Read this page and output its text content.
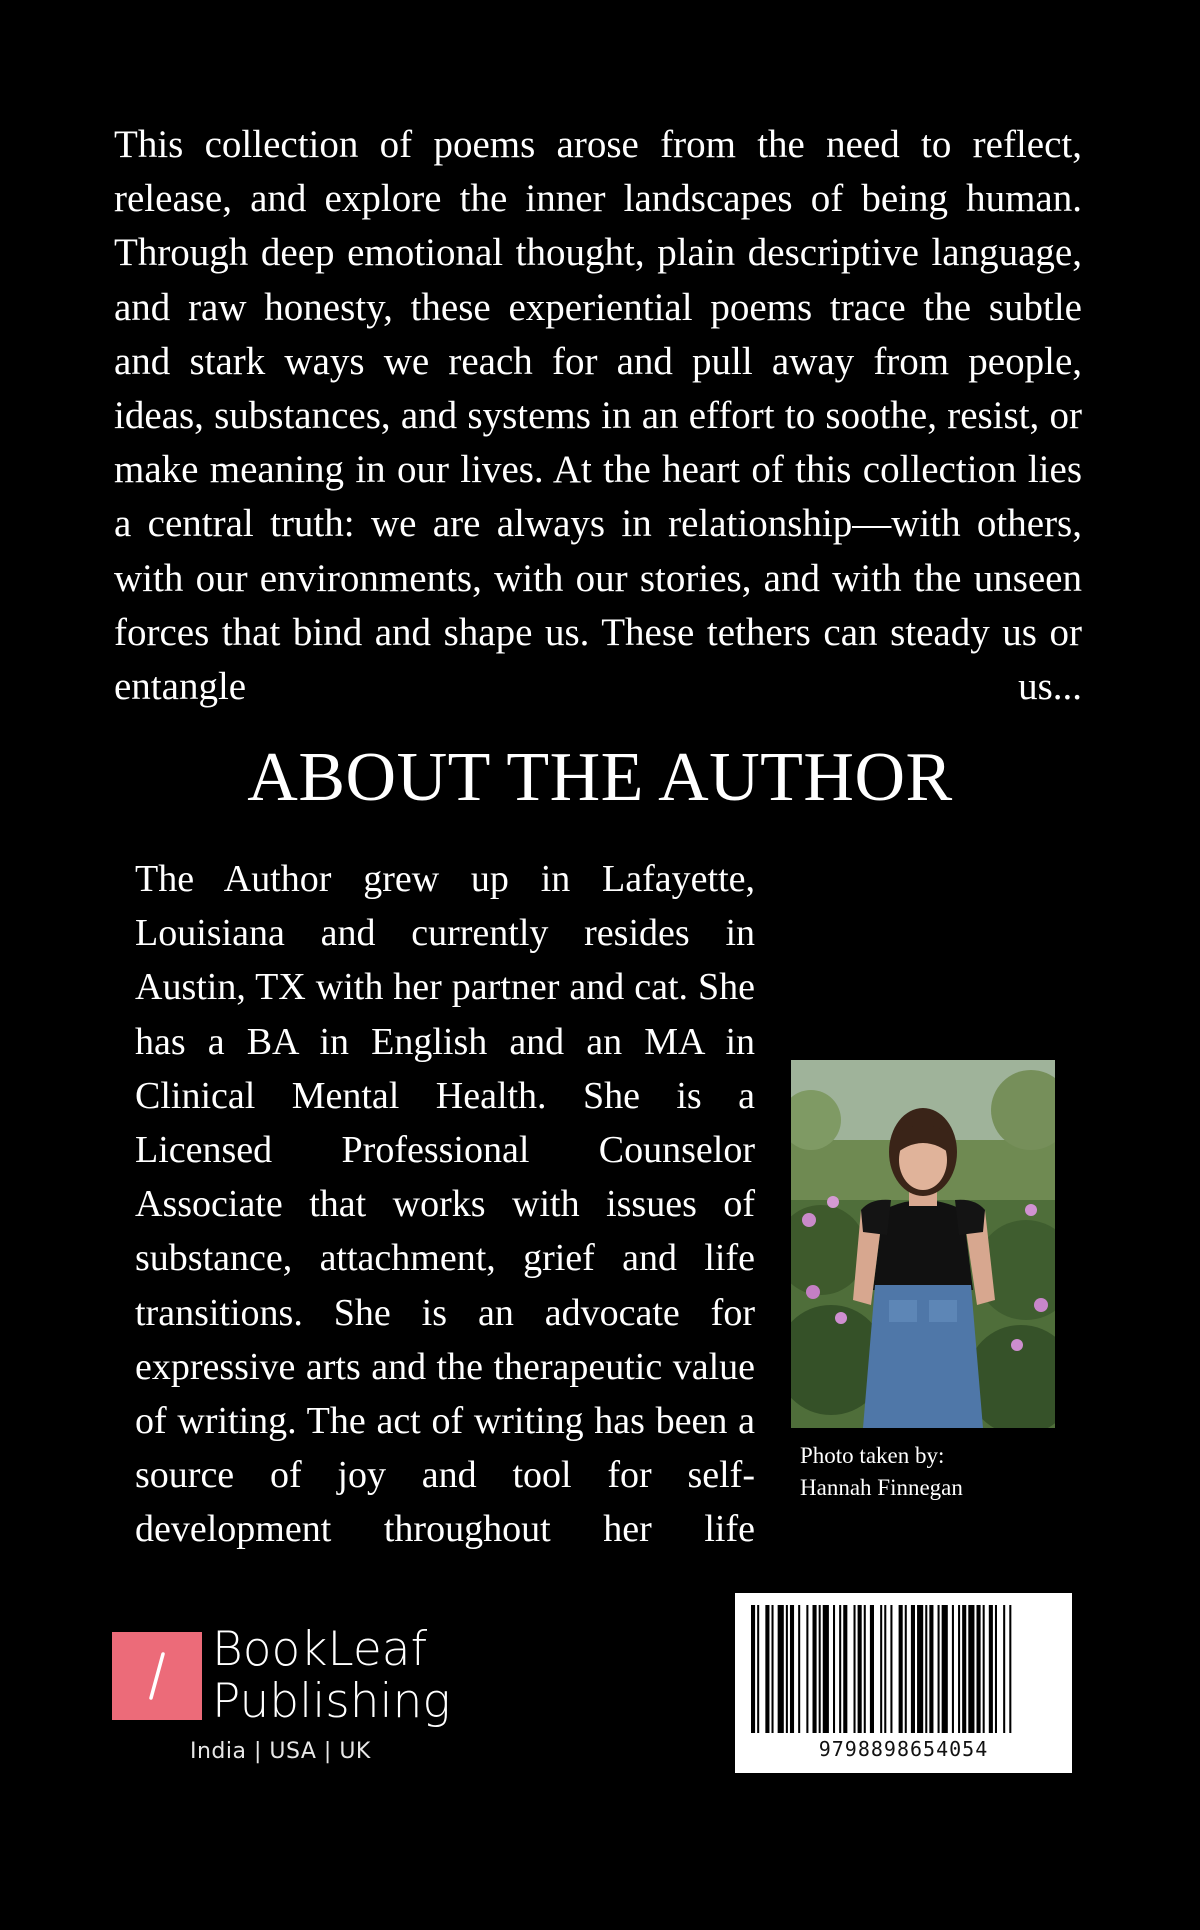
This collection of poems arose from the need to reflect, release, and explore the inner landscapes of being human. Through deep emotional thought, plain descriptive language, and raw honesty, these experiential poems trace the subtle and stark ways we reach for and pull away from people, ideas, substances, and systems in an effort to soothe, resist, or make meaning in our lives. At the heart of this collection lies a central truth: we are always in relationship—with others, with our environments, with our stories, and with the unseen forces that bind and shape us. These tethers can steady us or entangle us...

ABOUT THE AUTHOR

The Author grew up in Lafayette, Louisiana and currently resides in Austin, TX with her partner and cat. She has a BA in English and an MA in Clinical Mental Health. She is a Licensed Professional Counselor Associate that works with issues of substance, attachment, grief and life transitions. She is an advocate for expressive arts and the therapeutic value of writing. The act of writing has been a source of joy and tool for self-development throughout her life

Photo taken by:
Hannah Finnegan
BookLeaf
Publishing
India | USA | UK	9798898654054
